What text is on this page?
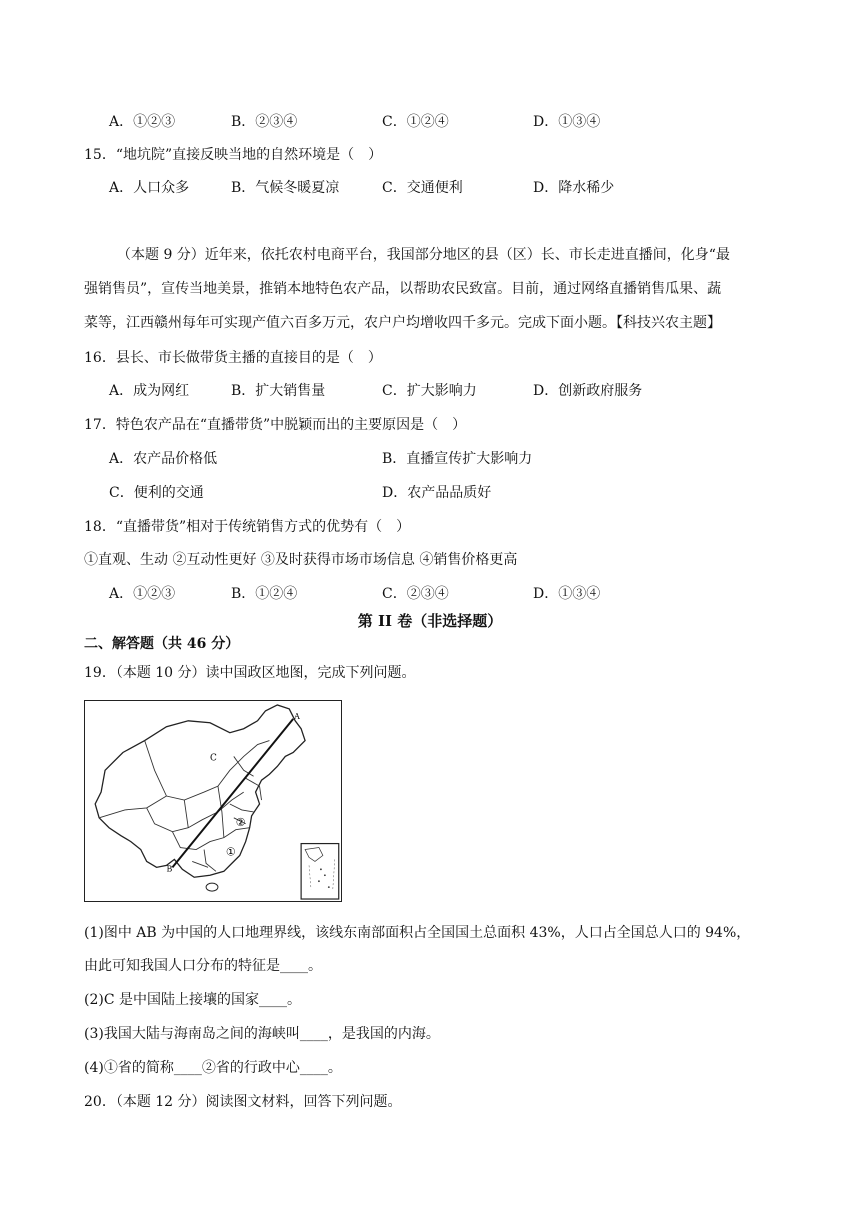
A．①②③	B．②③④	C．①②④	D．①③④
15．“地坑院”直接反映当地的自然环境是（　）
A．人口众多	B．气候冬暖夏凉	C．交通便利	D．降水稀少
（本题 9 分）近年来，依托农村电商平台，我国部分地区的县（区）长、市长走进直播间，化身“最
强销售员”，宣传当地美景，推销本地特色农产品，以帮助农民致富。目前，通过网络直播销售瓜果、蔬
菜等，江西赣州每年可实现产值六百多万元，农户户均增收四千多元。完成下面小题。【科技兴农主题】
16．县长、市长做带货主播的直接目的是（　）
A．成为网红	B．扩大销售量	C．扩大影响力	D．创新政府服务
17．特色农产品在“直播带货”中脱颖而出的主要原因是（　）
A．农产品价格低	B．直播宣传扩大影响力
C．便利的交通	D．农产品品质好
18．“直播带货”相对于传统销售方式的优势有（　）
①直观、生动 ②互动性更好 ③及时获得市场市场信息 ④销售价格更高
A．①②③	B．①②④	C．②③④	D．①③④
第 II 卷（非选择题）
二、解答题（共 46 分）
19．（本题 10 分）读中国政区地图，完成下列问题。
A
B
C
①
②
(1)图中 AB 为中国的人口地理界线，该线东南部面积占全国国土总面积 43%，人口占全国总人口的 94%，
由此可知我国人口分布的特征是____。
(2)C 是中国陆上接壤的国家____。
(3)我国大陆与海南岛之间的海峡叫____，是我国的内海。
(4)①省的简称____②省的行政中心____。
20．（本题 12 分）阅读图文材料，回答下列问题。
